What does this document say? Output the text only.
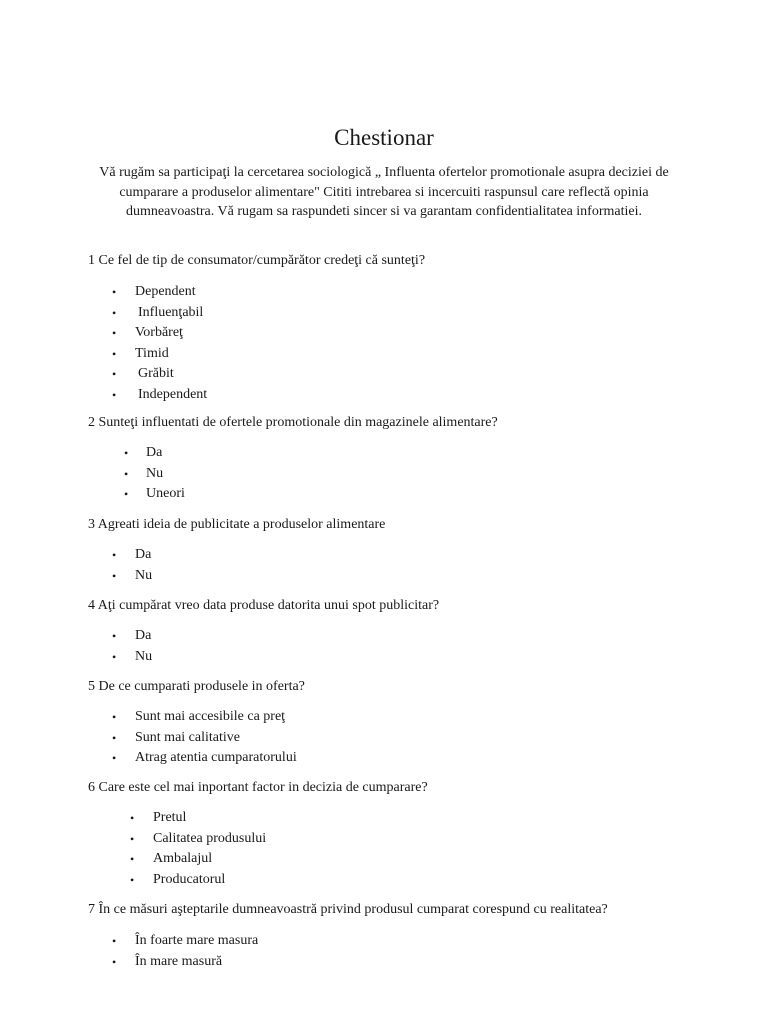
Chestionar
Vă rugăm sa participaţi la cercetarea sociologică „ Influenta ofertelor promotionale asupra deciziei de cumparare a produselor alimentare" Cititi intrebarea si incercuiti raspunsul care reflectă opinia dumneavoastra. Vă rugam sa raspundeti sincer si va garantam confidentialitatea informatiei.
1 Ce fel de tip de consumator/cumpărător credeţi că sunteţi?
• Dependent
• Influenţabil
• Vorbăreţ
• Timid
• Grăbit
• Independent
2 Sunteţi influentati de ofertele promotionale din magazinele alimentare?
• Da
• Nu
• Uneori
3 Agreati ideia de publicitate a produselor alimentare
• Da
• Nu
4 Aţi cumpărat vreo data produse datorita unui spot publicitar?
• Da
• Nu
5 De ce cumparati produsele in oferta?
• Sunt mai accesibile ca preţ
• Sunt mai calitative
• Atrag atentia cumparatorului
6 Care este cel mai inportant factor in decizia de cumparare?
• Pretul
• Calitatea produsului
• Ambalajul
• Producatorul
7 În ce măsuri aşteptarile dumneavoastră privind produsul cumparat corespund cu realitatea?
• În foarte mare masura
• În mare masură
